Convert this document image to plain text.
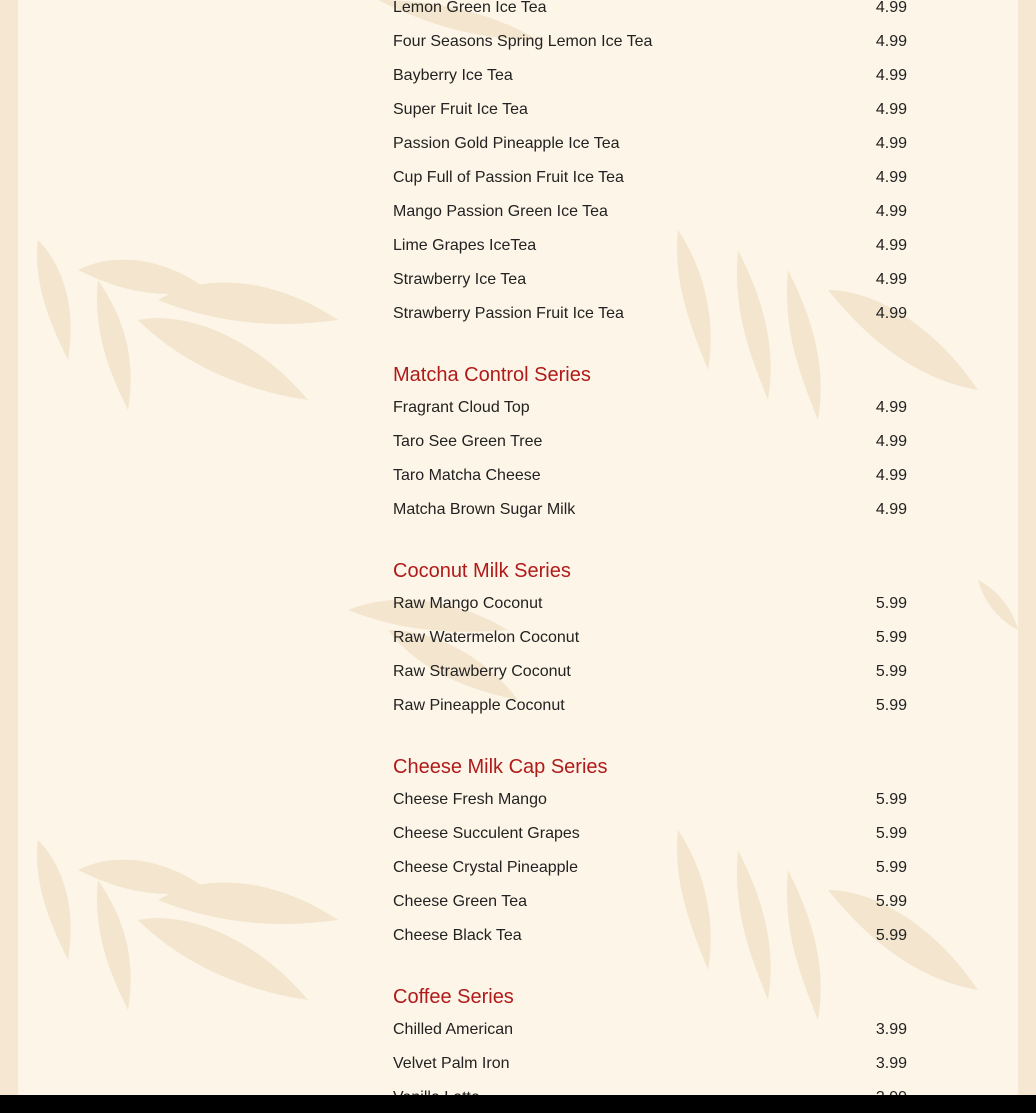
Lemon Green Ice Tea	4.99
Four Seasons Spring Lemon Ice Tea	4.99
Bayberry Ice Tea	4.99
Super Fruit Ice Tea	4.99
Passion Gold Pineapple Ice Tea	4.99
Cup Full of Passion Fruit Ice Tea	4.99
Mango Passion Green Ice Tea	4.99
Lime Grapes IceTea	4.99
Strawberry Ice Tea	4.99
Strawberry Passion Fruit Ice Tea	4.99
Matcha Control Series
Fragrant Cloud Top	4.99
Taro See Green Tree	4.99
Taro Matcha Cheese	4.99
Matcha Brown Sugar Milk	4.99
Coconut Milk Series
Raw Mango Coconut	5.99
Raw Watermelon Coconut	5.99
Raw Strawberry Coconut	5.99
Raw Pineapple Coconut	5.99
Cheese Milk Cap Series
Cheese Fresh Mango	5.99
Cheese Succulent Grapes	5.99
Cheese Crystal Pineapple	5.99
Cheese Green Tea	5.99
Cheese Black Tea	5.99
Coffee Series
Chilled American	3.99
Velvet Palm Iron	3.99
